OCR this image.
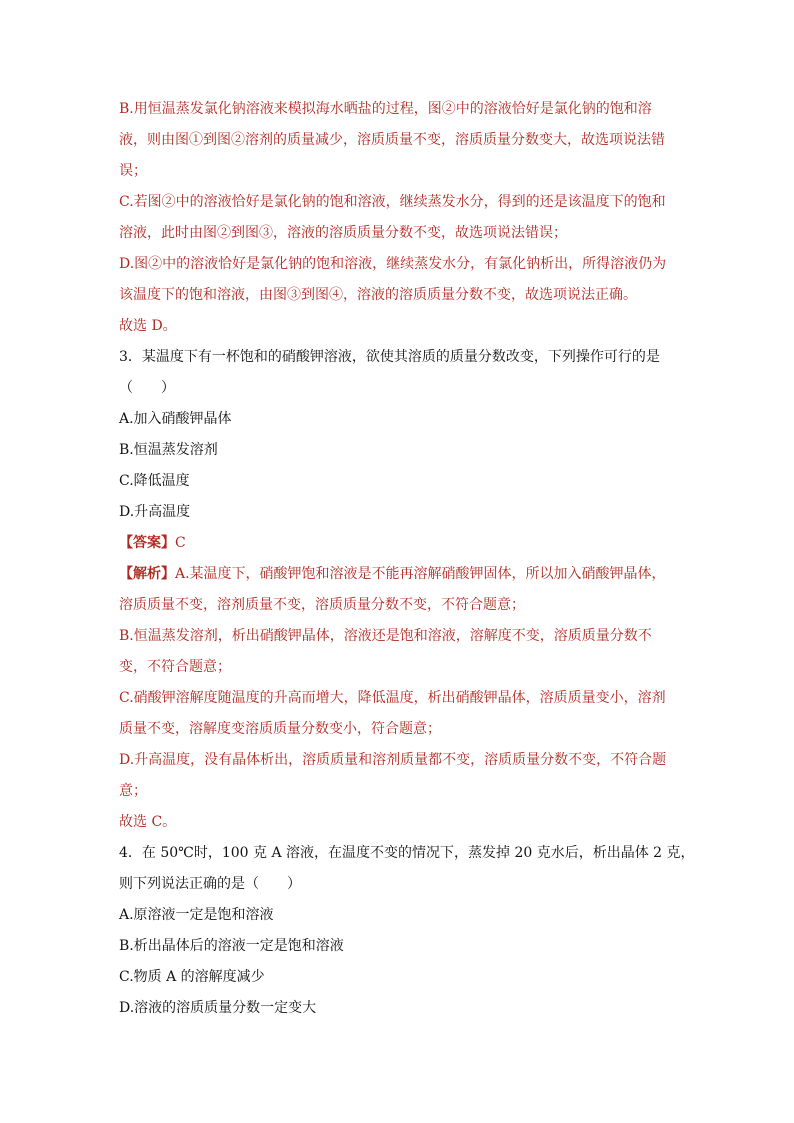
B.用恒温蒸发氯化钠溶液来模拟海水晒盐的过程，图②中的溶液恰好是氯化钠的饱和溶
液，则由图①到图②溶剂的质量减少，溶质质量不变，溶质质量分数变大，故选项说法错
误；
C.若图②中的溶液恰好是氯化钠的饱和溶液，继续蒸发水分，得到的还是该温度下的饱和
溶液，此时由图②到图③，溶液的溶质质量分数不变，故选项说法错误；
D.图②中的溶液恰好是氯化钠的饱和溶液，继续蒸发水分，有氯化钠析出，所得溶液仍为
该温度下的饱和溶液，由图③到图④，溶液的溶质质量分数不变，故选项说法正确。
故选 D。
3．某温度下有一杯饱和的硝酸钾溶液，欲使其溶质的质量分数改变，下列操作可行的是
（　　）
A.加入硝酸钾晶体
B.恒温蒸发溶剂
C.降低温度
D.升高温度
【答案】C
【解析】A.某温度下，硝酸钾饱和溶液是不能再溶解硝酸钾固体，所以加入硝酸钾晶体，
溶质质量不变，溶剂质量不变，溶质质量分数不变，不符合题意；
B.恒温蒸发溶剂，析出硝酸钾晶体，溶液还是饱和溶液，溶解度不变，溶质质量分数不
变，不符合题意；
C.硝酸钾溶解度随温度的升高而增大，降低温度，析出硝酸钾晶体，溶质质量变小，溶剂
质量不变，溶解度变溶质质量分数变小，符合题意；
D.升高温度，没有晶体析出，溶质质量和溶剂质量都不变，溶质质量分数不变，不符合题
意；
故选 C。
4．在 50℃时，100 克 A 溶液，在温度不变的情况下，蒸发掉 20 克水后，析出晶体 2 克，
则下列说法正确的是（　　）
A.原溶液一定是饱和溶液
B.析出晶体后的溶液一定是饱和溶液
C.物质 A 的溶解度减少
D.溶液的溶质质量分数一定变大
